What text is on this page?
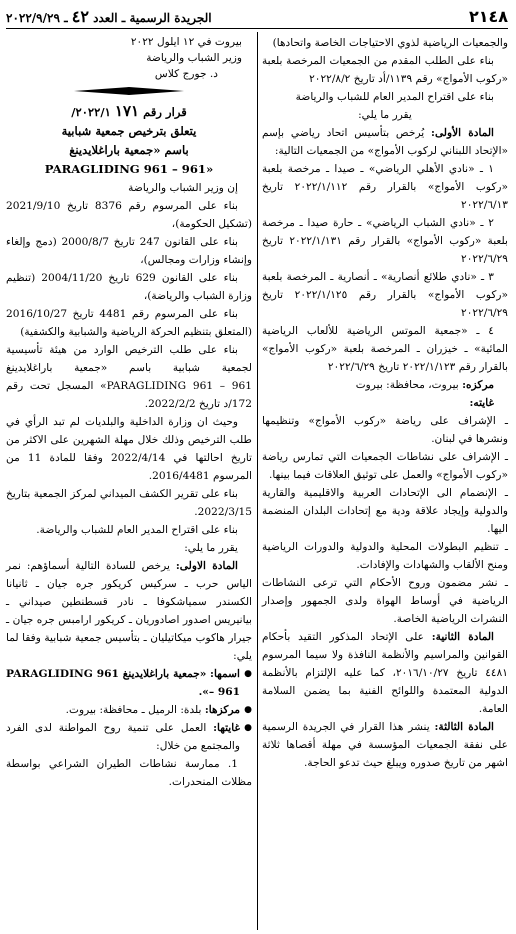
٢١٤٨
الجريدة الرسمية ـ العدد ٤٢ ـ ٢٠٢٢/٩/٢٩

والجمعيات الرياضية لذوي الاحتياجات الخاصة واتحادها)

بناء على الطلب المقدم من الجمعيات المرخصة بلعبة «ركوب الأمواج» رقم ١١٣٩/أد تاريخ ٢٠٢٢/٨/٢

بناء على اقتراح المدير العام للشباب والرياضة

يقرر ما يلي:

المادة الأولى: يُرخص بتأسيس اتحاد رياضي بإسم «الإتحاد اللبناني لركوب الأمواج» من الجمعيات التالية:

١ ـ «نادي الأهلي الرياضي» ـ صيدا ـ مرخصة بلعبة «ركوب الأمواج» بالقرار رقم ٢٠٢٢/١/١١٢ تاريخ ٢٠٢٢/٦/١٣

٢ ـ «نادي الشباب الرياضي» ـ حارة صيدا ـ مرخصة بلعبة «ركوب الأمواج» بالقرار رقم ٢٠٢٢/١/١٣١ تاريخ ٢٠٢٢/٦/٢٩

٣ ـ «نادي طلائع أنصارية» ـ أنصارية ـ المرخصة بلعبة «ركوب الأمواج» بالقرار رقم ٢٠٢٢/١/١٢٥ تاريخ ٢٠٢٢/٦/٢٩

٤ ـ «جمعية الموتس الرياضية للألعاب الرياضية المائية» ـ خيزران ـ المرخصة بلعبة «ركوب الأمواج» بالقرار رقم ٢٠٢٢/١/١٢٣ تاريخ ٢٠٢٢/٦/٢٩

مركزه: بيروت، محافظة: بيروت

غايته:

ـ الإشراف على رياضة «ركوب الأمواج» وتنظيمها ونشرها في لبنان.

ـ الإشراف على نشاطات الجمعيات التي تمارس رياضة «ركوب الأمواج» والعمل على توثيق العلاقات فيما بينها.

ـ الإنضمام الى الإتحادات العربية والاقليمية والقارية والدولية وإيجاد علاقة ودية مع إتحادات البلدان المنضمة اليها.

ـ تنظيم البطولات المحلية والدولية والدورات الرياضية ومنح الألقاب والشهادات والإفادات.

ـ نشر مضمون وروح الأحكام التي ترعى النشاطات الرياضية في أوساط الهواة ولدى الجمهور وإصدار النشرات الرياضية الخاصة.

المادة الثانية: على الإتحاد المذكور التقيد بأحكام القوانين والمراسيم والأنظمة النافذة ولا سيما المرسوم ٤٤٨١ تاريخ ٢٠١٦/١٠/٢٧، كما عليه الإلتزام بالأنظمة الدولية المعتمدة واللوائح الفنية بما يضمن السلامة العامة.

المادة الثالثة: ينشر هذا القرار في الجريدة الرسمية على نفقة الجمعيات المؤسسة في مهلة أقصاها ثلاثة اشهر من تاريخ صدوره ويبلغ حيث تدعو الحاجة.

بيروت في ١٢ ايلول ٢٠٢٢

وزير الشباب والرياضة

د. جورج كلاس

قرار رقم ١٧١ ٢٠٢٢/١/

يتعلق بترخيص جمعية شبابية

باسم «جمعية باراغلايدينغ

PARAGLIDING 961 – 961»

إن وزير الشباب والرياضة

بناء على المرسوم رقم 8376 تاريخ 2021/9/10 (تشكيل الحكومة)،

بناء على القانون 247 تاريخ 2000/8/7 (دمج وإلغاء وإنشاء وزارات ومجالس)،

بناء على القانون 629 تاريخ 2004/11/20 (تنظيم وزارة الشباب والرياضة)،

بناء على المرسوم رقم 4481 تاريخ 2016/10/27 (المتعلق بتنظيم الحركة الرياضية والشبابية والكشفية)

بناء على طلب الترخيص الوارد من هيئة تأسيسية لجمعية شبابية باسم «جمعية باراغلايدينغ PARAGLIDING 961 – 961» المسجل تحت رقم 172/د تاريخ 2022/2/2.

وحيث ان وزارة الداخلية والبلديات لم تبد الرأي في طلب الترخيص وذلك خلال مهلة الشهرين على الاكثر من تاريخ احالتها في 2022/4/14 وفقا للمادة 11 من المرسوم 2016/4481.

بناء على تقرير الكشف الميداني لمركز الجمعية بتاريخ 2022/3/15.

بناء على اقتراح المدير العام للشباب والرياضة.

يقرر ما يلي:

المادة الاولى: يرخص للسادة التالية أسماؤهم: نمر الياس حرب ـ سركيس كريكور جره جيان ـ ثانيانا الكسندر سمياشكوفا ـ نادر قسطنطين صيداني ـ بيانيريس اصدور اصادوريان ـ كريكور ارامبس جره جيان ـ جيرار هاكوب ميكاتيليان ـ بتأسيس جمعية شبابية وفقا لما يلي:

● اسمها: «جمعية باراغلايدينغ PARAGLIDING 961 – 961».

● مركزها: بلدة: الرميل ـ محافظة: بيروت.

● غايتها: العمل على تنمية روح المواطنة لدى الفرد والمجتمع من خلال:

1. ممارسة نشاطات الطيران الشراعي بواسطة مظلات المنحدرات.
